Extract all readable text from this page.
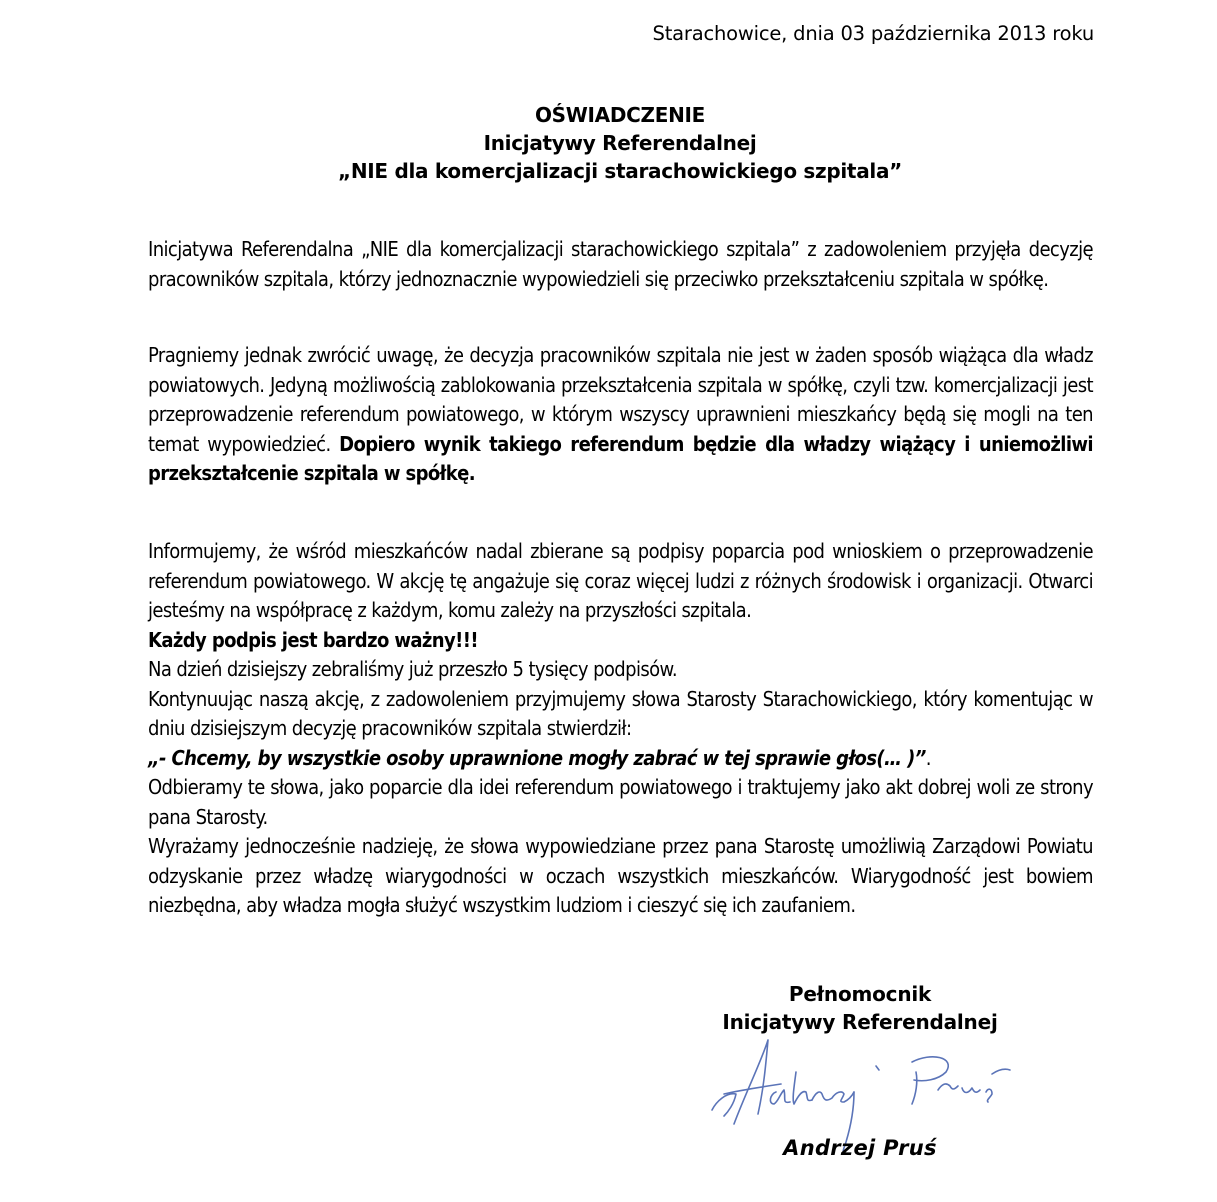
Starachowice, dnia 03 października 2013 roku
OŚWIADCZENIE
Inicjatywy Referendalnej
„NIE dla komercjalizacji starachowickiego szpitala”

Inicjatywa Referendalna „NIE dla komercjalizacji starachowickiego szpitala” z zadowoleniem przyjęła decyzję pracowników szpitala, którzy jednoznacznie wypowiedzieli się przeciwko przekształceniu szpitala w spółkę.

Pragniemy jednak zwrócić uwagę, że decyzja pracowników szpitala nie jest w żaden sposób wiążąca dla władz powiatowych. Jedyną możliwością zablokowania przekształcenia szpitala w spółkę, czyli tzw. komercjalizacji jest przeprowadzenie referendum powiatowego, w którym wszyscy uprawnieni mieszkańcy będą się mogli na ten temat wypowiedzieć. Dopiero wynik takiego referendum będzie dla władzy wiążący i uniemożliwi przekształcenie szpitala w spółkę.

Informujemy, że wśród mieszkańców nadal zbierane są podpisy poparcia pod wnioskiem o przeprowadzenie referendum powiatowego. W akcję tę angażuje się coraz więcej ludzi z różnych środowisk i organizacji. Otwarci jesteśmy na współpracę z każdym, komu zależy na przyszłości szpitala.

Każdy podpis jest bardzo ważny!!!

Na dzień dzisiejszy zebraliśmy już przeszło 5 tysięcy podpisów.

Kontynuując naszą akcję, z zadowoleniem przyjmujemy słowa Starosty Starachowickiego, który komentując w dniu dzisiejszym decyzję pracowników szpitala stwierdził:

„- Chcemy, by wszystkie osoby uprawnione mogły zabrać w tej sprawie głos(… )”.

Odbieramy te słowa, jako poparcie dla idei referendum powiatowego i traktujemy jako akt dobrej woli ze strony pana Starosty.

Wyrażamy jednocześnie nadzieję, że słowa wypowiedziane przez pana Starostę umożliwią Zarządowi Powiatu odzyskanie przez władzę wiarygodności w oczach wszystkich mieszkańców. Wiarygodność jest bowiem niezbędna, aby władza mogła służyć wszystkim ludziom i cieszyć się ich zaufaniem.

Pełnomocnik
Inicjatywy Referendalnej
Andrzej Pruś
